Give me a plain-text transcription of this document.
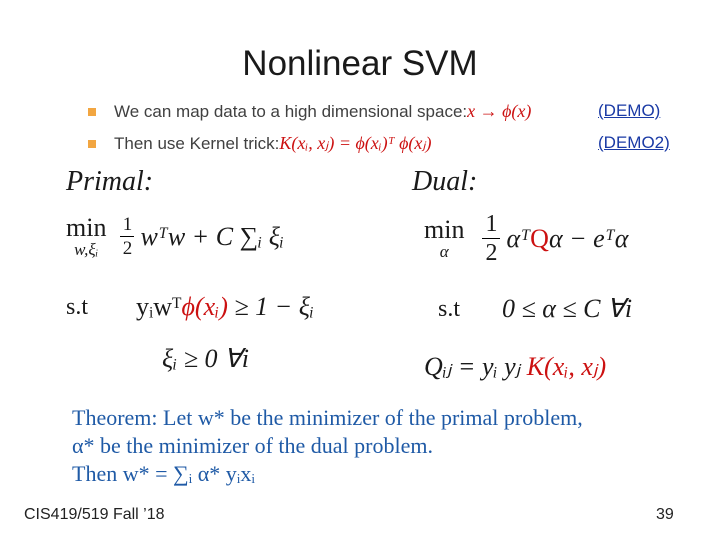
Nonlinear SVM
We can map data to a high dimensional space: x → ϕ(x)	(DEMO)
Then use Kernel trick: K(xᵢ, xⱼ) = ϕ(xᵢ)ᵀ ϕ(xⱼ)	(DEMO2)
Primal:
min
w,ξᵢ $\frac{1}{2}$ wᵀw + C ∑ᵢ ξᵢ
s.t yᵢwᵀϕ(xᵢ) ≥ 1 − ξᵢ
ξᵢ ≥ 0 ∀i
Dual:
min
α $\frac{1}{2}$ αᵀ Q α − eᵀα
s.t 0 ≤ α ≤ C ∀i
Qᵢⱼ = yᵢ yⱼ K(xᵢ, xⱼ)
Theorem: Let w* be the minimizer of the primal problem,
α* be the minimizer of the dual problem.
Then w* = ∑ᵢ α* yᵢxᵢ
CIS419/519 Fall ’18	39
